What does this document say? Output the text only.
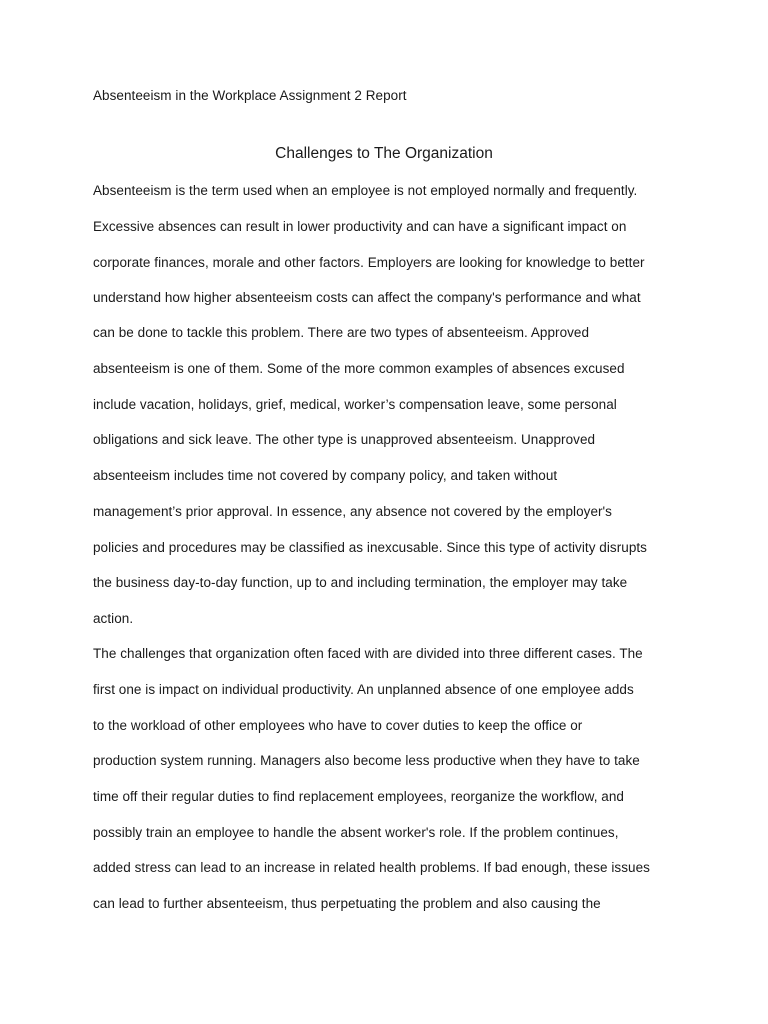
Absenteeism in the Workplace Assignment 2 Report
Challenges to The Organization
Absenteeism is the term used when an employee is not employed normally and frequently.
Excessive absences can result in lower productivity and can have a significant impact on
corporate finances, morale and other factors. Employers are looking for knowledge to better
understand how higher absenteeism costs can affect the company's performance and what
can be done to tackle this problem. There are two types of absenteeism. Approved
absenteeism is one of them. Some of the more common examples of absences excused
include vacation, holidays, grief, medical, worker’s compensation leave, some personal
obligations and sick leave. The other type is unapproved absenteeism. Unapproved
absenteeism includes time not covered by company policy, and taken without
management’s prior approval. In essence, any absence not covered by the employer's
policies and procedures may be classified as inexcusable. Since this type of activity disrupts
the business day-to-day function, up to and including termination, the employer may take
action.
The challenges that organization often faced with are divided into three different cases. The
first one is impact on individual productivity. An unplanned absence of one employee adds
to the workload of other employees who have to cover duties to keep the office or
production system running. Managers also become less productive when they have to take
time off their regular duties to find replacement employees, reorganize the workflow, and
possibly train an employee to handle the absent worker's role. If the problem continues,
added stress can lead to an increase in related health problems. If bad enough, these issues
can lead to further absenteeism, thus perpetuating the problem and also causing the
